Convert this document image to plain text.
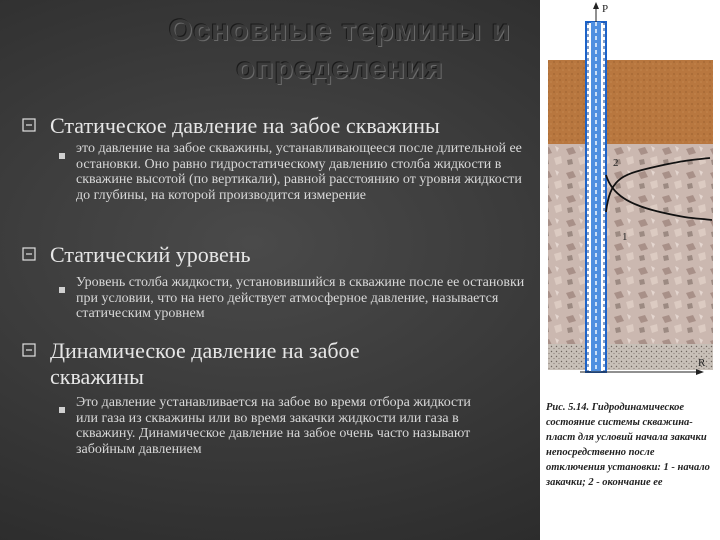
Основные термины и
определения
Статическое давление на забое скважины
это давление на забое скважины, устанавливающееся после длительной ее остановки. Оно равно гидростатическому давлению столба жидкости в скважине высотой (по вертикали), равной расстоянию от уровня жидкости до глубины, на которой производится измерение
Статический уровень
Уровень столба жидкости, установившийся в скважине после ее остановки при условии, что на него действует атмосферное давление, называется статическим уровнем
Динамическое давление на забое скважины
Это давление устанавливается на забое во время отбора жидкости или газа из скважины или во время закачки жидкости или газа в скважину. Динамическое давление на забое очень часто называют забойным давлением
P
R
2
1
Рис. 5.14. Гидродинамическое состояние системы скважина-пласт для условий начала закачки непосредственно после отключения установки: 1 - начало закачки; 2 - окончание ее
